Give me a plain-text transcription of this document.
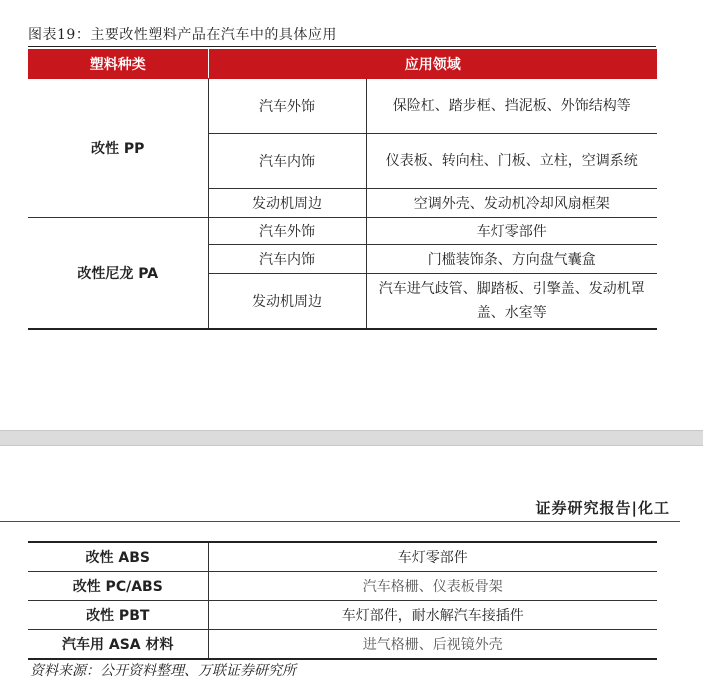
图表19：主要改性塑料产品在汽车中的具体应用
塑料种类	应用领域	
改性 PP	汽车外饰	保险杠、踏步框、挡泥板、外饰结构等
	汽车内饰	仪表板、转向柱、门板、立柱，空调系统
	发动机周边	空调外壳、发动机冷却风扇框架
改性尼龙 PA	汽车外饰	车灯零部件
	汽车内饰	门槛装饰条、方向盘气囊盒
	发动机周边	汽车进气歧管、脚踏板、引擎盖、发动机罩盖、水室等
证券研究报告|化工
改性 ABS	车灯零部件
改性 PC/ABS	汽车格栅、仪表板骨架
改性 PBT	车灯部件，耐水解汽车接插件
汽车用 ASA 材料	进气格栅、后视镜外壳
资料来源：公开资料整理、万联证券研究所
